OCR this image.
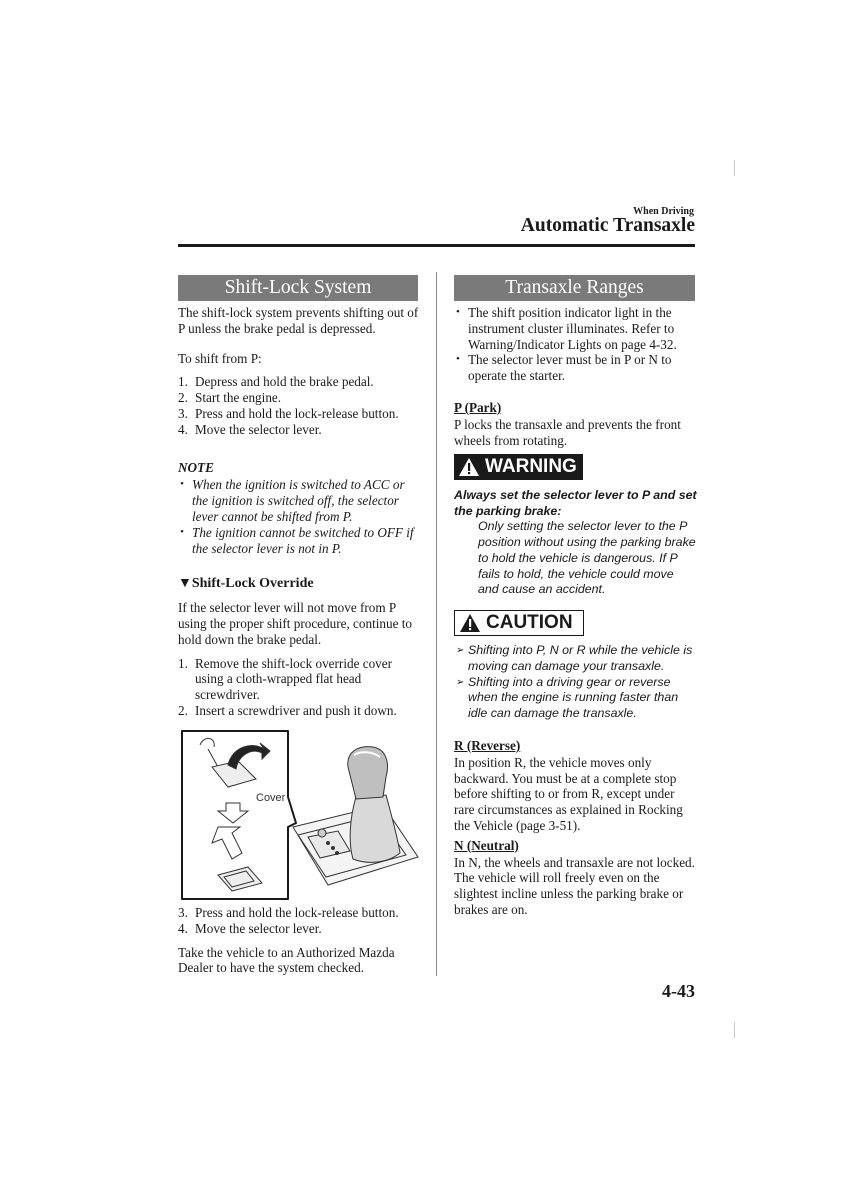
When Driving
Automatic Transaxle
Shift-Lock System

The shift-lock system prevents shifting out of P unless the brake pedal is depressed.

To shift from P:

1. Depress and hold the brake pedal.
2. Start the engine.
3. Press and hold the lock-release button.
4. Move the selector lever.

NOTE

• When the ignition is switched to ACC or the ignition is switched off, the selector lever cannot be shifted from P.
• The ignition cannot be switched to OFF if the selector lever is not in P.

▼Shift-Lock Override

If the selector lever will not move from P using the proper shift procedure, continue to hold down the brake pedal.

1. Remove the shift-lock override cover using a cloth-wrapped flat head screwdriver.
2. Insert a screwdriver and push it down.
Cover
3. Press and hold the lock-release button.
4. Move the selector lever.

Take the vehicle to an Authorized Mazda Dealer to have the system checked.

Transaxle Ranges
• The shift position indicator light in the instrument cluster illuminates. Refer to Warning/Indicator Lights on page 4-32.
• The selector lever must be in P or N to operate the starter.

P (Park)

P locks the transaxle and prevents the front wheels from rotating.

WARNING

Always set the selector lever to P and set the parking brake:

Only setting the selector lever to the P position without using the parking brake to hold the vehicle is dangerous. If P fails to hold, the vehicle could move and cause an accident.

CAUTION
➢ Shifting into P, N or R while the vehicle is moving can damage your transaxle.
➢ Shifting into a driving gear or reverse when the engine is running faster than idle can damage the transaxle.

R (Reverse)

In position R, the vehicle moves only backward. You must be at a complete stop before shifting to or from R, except under rare circumstances as explained in Rocking the Vehicle (page 3-51).

N (Neutral)

In N, the wheels and transaxle are not locked. The vehicle will roll freely even on the slightest incline unless the parking brake or brakes are on.

4-43
